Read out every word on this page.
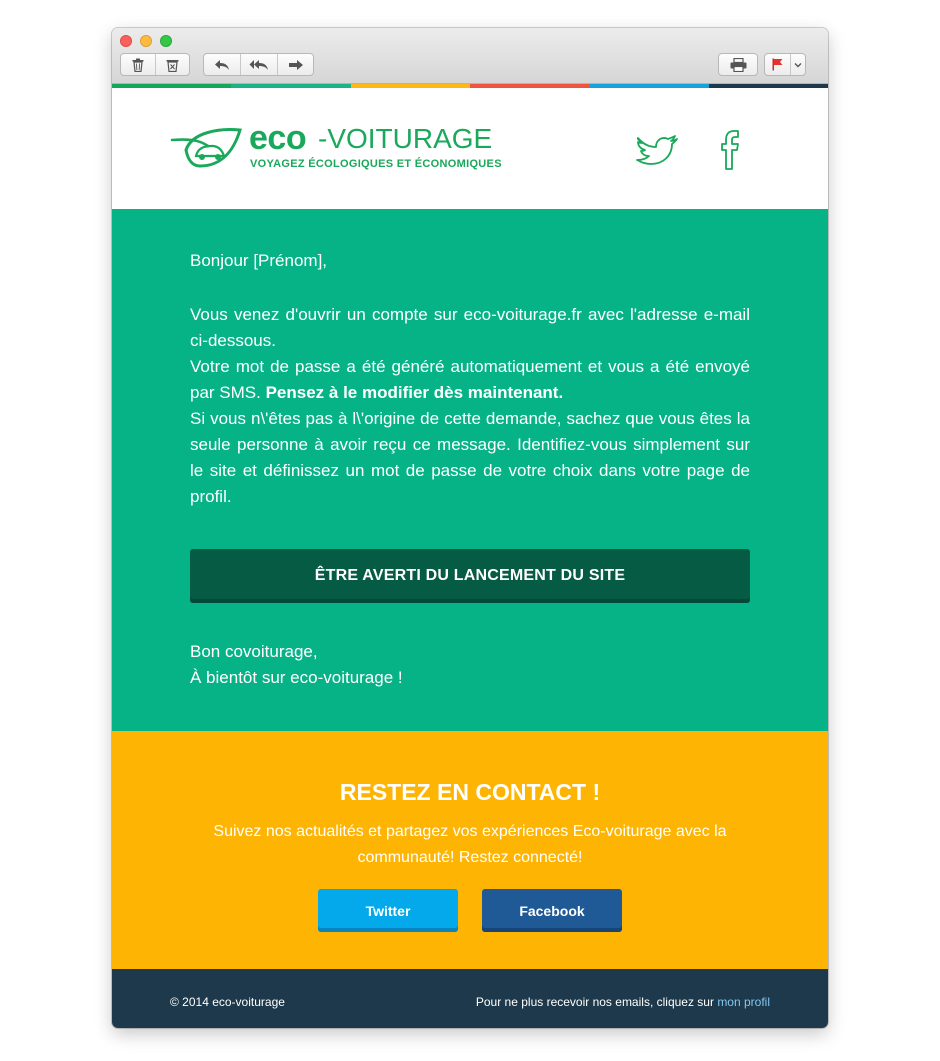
eco -VOITURAGE
VOYAGEZ ÉCOLOGIQUES ET ÉCONOMIQUES
Bonjour [Prénom],
Vous venez d'ouvrir un compte sur eco-voiturage.fr avec l'adresse e-mail ci-dessous.
Votre mot de passe a été généré automatiquement et vous a été envoyé par SMS. Pensez à le modifier dès maintenant.
Si vous n\'êtes pas à l\'origine de cette demande, sachez que vous êtes la seule personne à avoir reçu ce message. Identifiez-vous simplement sur le site et définissez un mot de passe de votre choix dans votre page de profil.
ÊTRE AVERTI DU LANCEMENT DU SITE
Bon covoiturage,
À bientôt sur eco-voiturage !
RESTEZ EN CONTACT !
Suivez nos actualités et partagez vos expériences Eco-voiturage avec la communauté! Restez connecté!
Twitter	Facebook
© 2014 eco-voiturage	Pour ne plus recevoir nos emails, cliquez sur mon profil
